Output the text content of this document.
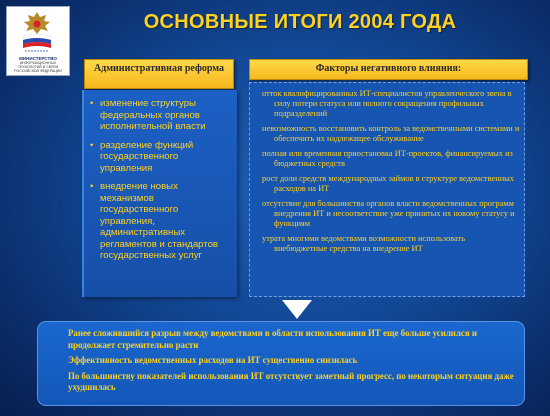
МИНИСТЕРСТВО
ИНФОРМАЦИОННЫХ ТЕХНОЛОГИЙ И СВЯЗИ РОССИЙСКОЙ ФЕДЕРАЦИИ
ОСНОВНЫЕ ИТОГИ 2004 ГОДА
Административная реформа
• изменение структуры федеральных органов исполнительной власти
• разделение функций государственного управления
• внедрение новых механизмов государственного управления, административных регламентов и стандартов государственных услуг
Факторы негативного влияния:
отток квалифицированных ИТ-специалистов управленческого звена в силу потери статуса или полного сокращения профильных подразделений
невозможность восстановить контроль за ведомственными системами и обеспечить их надлежащее обслуживание
полная или временная приостановка ИТ-проектов, финансируемых из бюджетных средств
рост доли средств международных займов в структуре ведомственных расходов на ИТ
отсутствие для большинства органов власти ведомственных программ внедрения ИТ и несоответствие уже принятых их новому статусу и функциям
утрата многими ведомствами возможности использовать внебюджетные средства на внедрение ИТ
Ранее сложившийся разрыв между ведомствами в области использования ИТ еще больше усилился и продолжает стремительно расти
Эффективность ведомственных расходов на ИТ существенно снизилась
По большинству показателей использования ИТ отсутствует заметный прогресс, по некоторым ситуация даже ухудшилась
